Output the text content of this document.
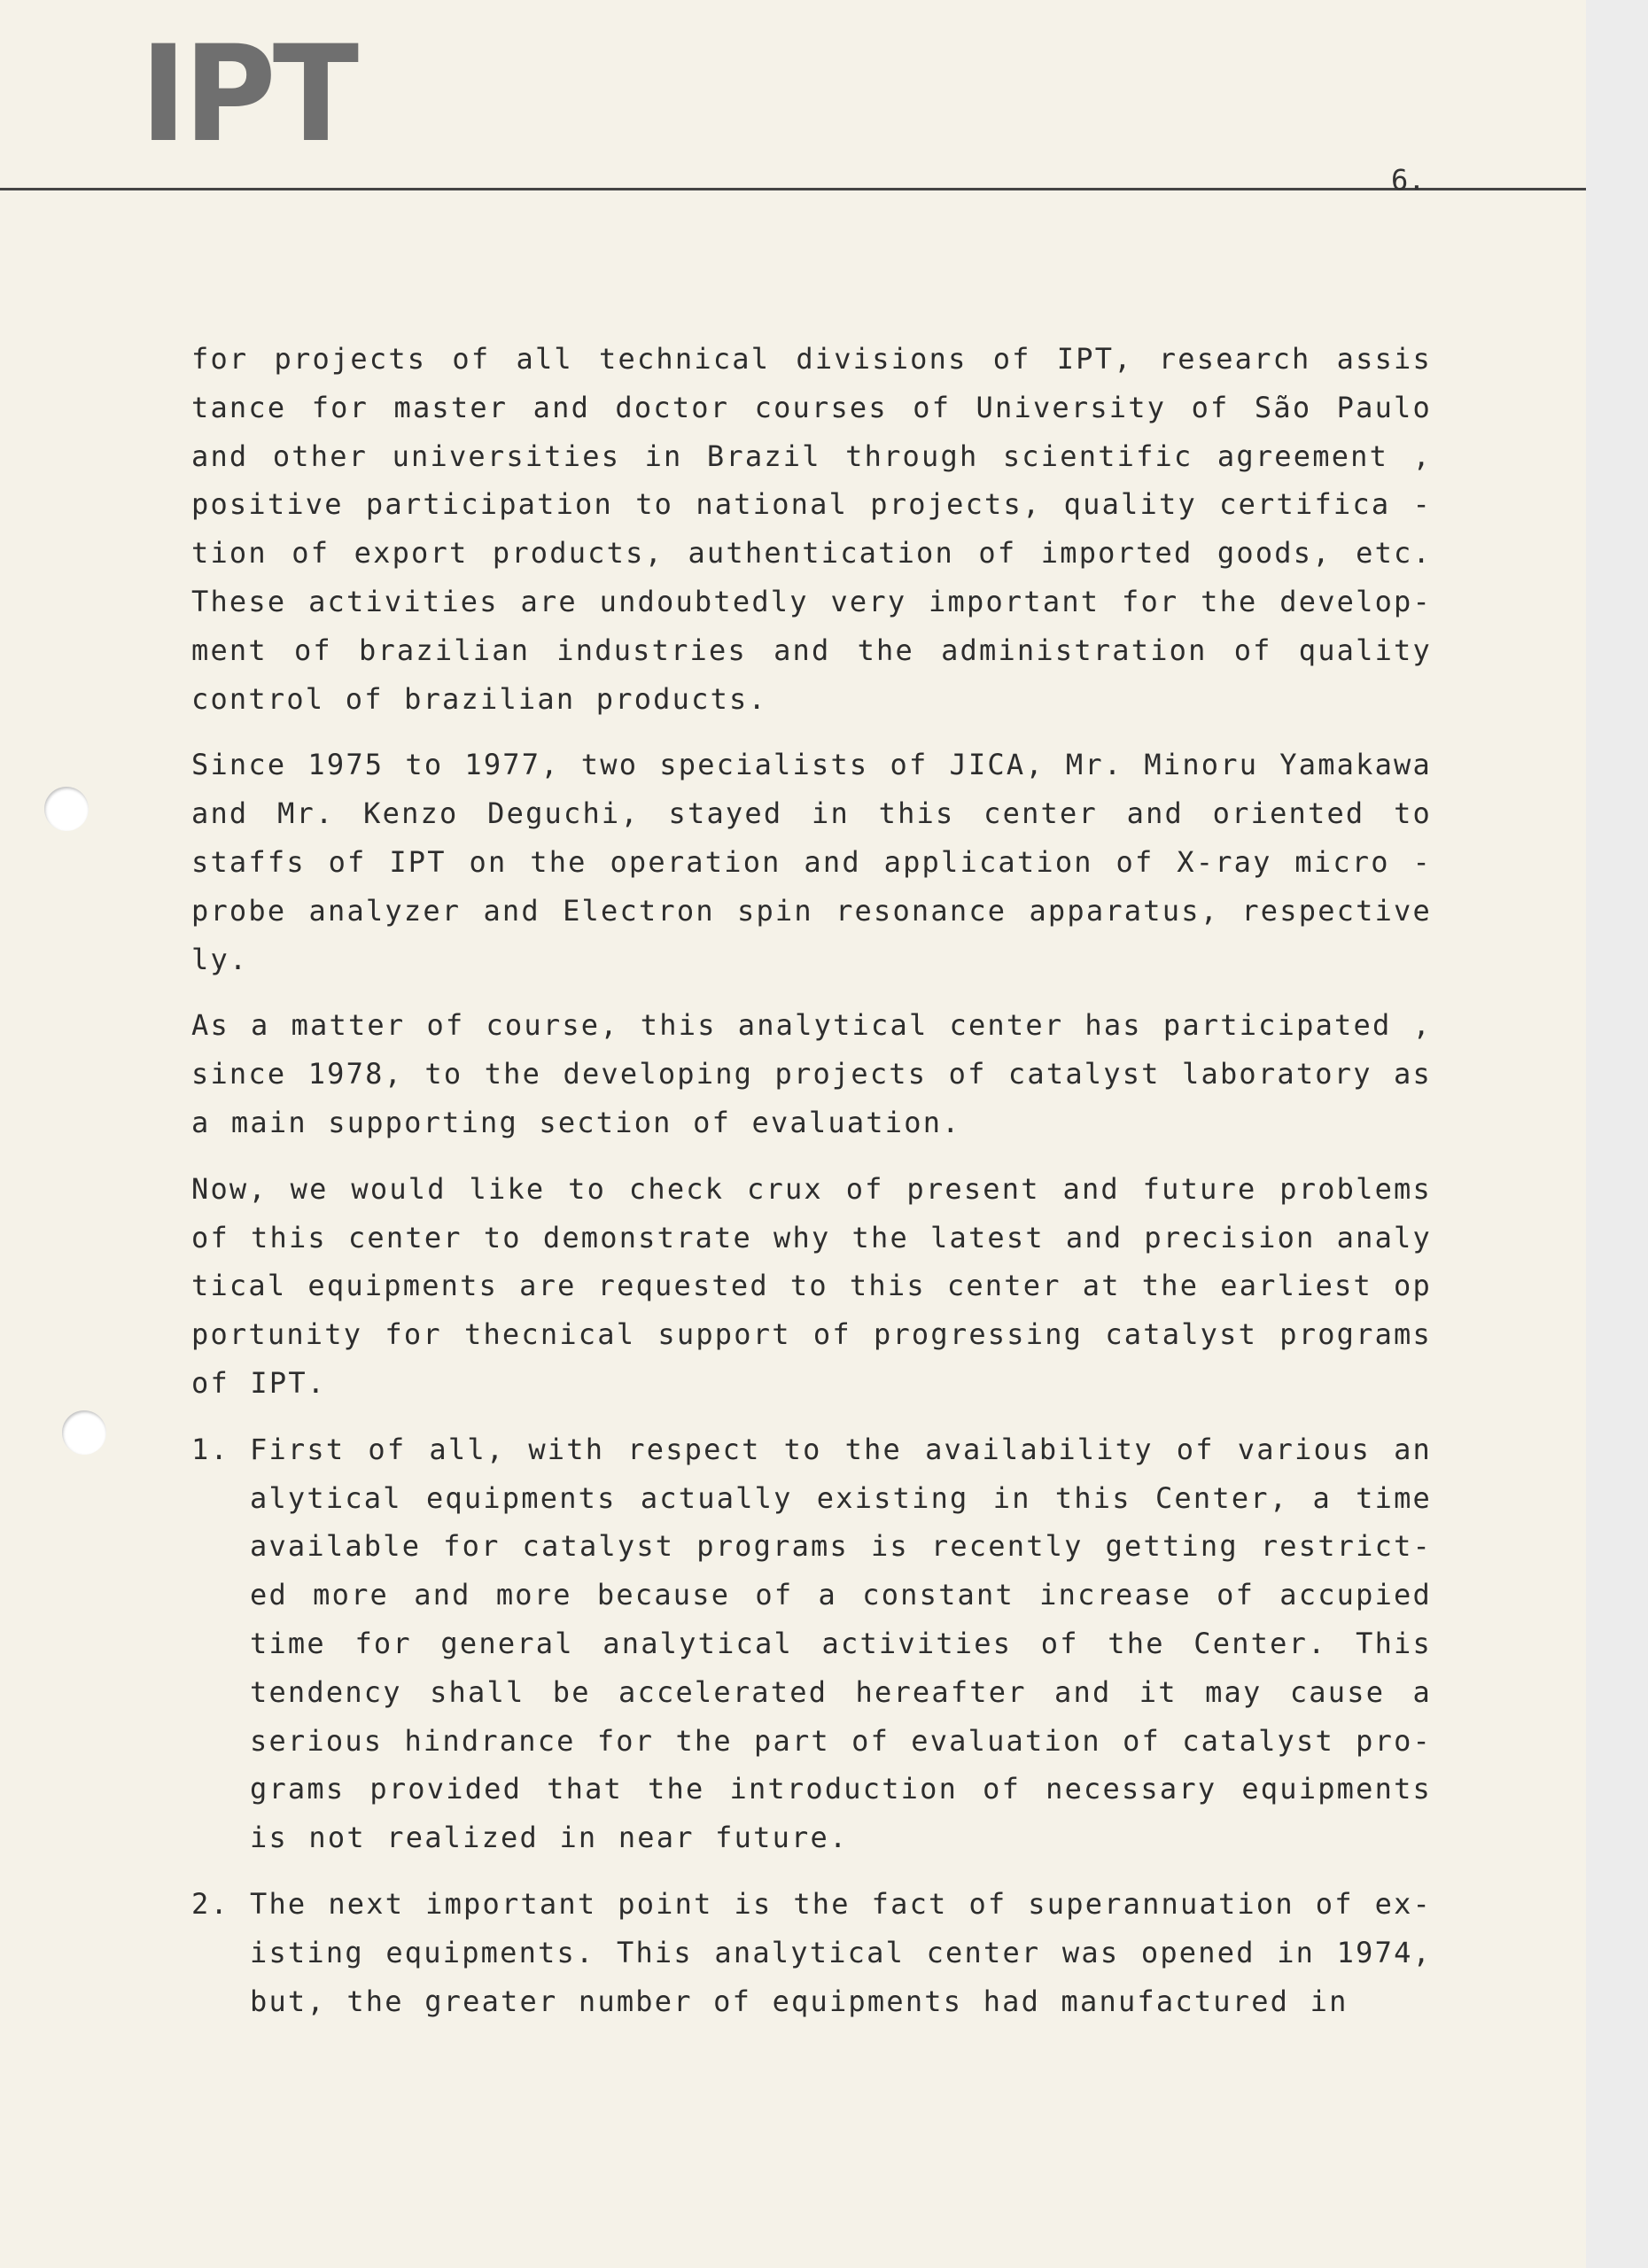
IPT
6.

for projects of all technical divisions of IPT, research assis tance for master and doctor courses of University of São Paulo and other universities in Brazil through scientific agreement , positive participation to national projects, quality certifica - tion of export products, authentication of imported goods, etc. These activities are undoubtedly very important for the develop- ment of brazilian industries and the administration of quality control of brazilian products.

Since 1975 to 1977, two specialists of JICA, Mr. Minoru Yamakawa and Mr. Kenzo Deguchi, stayed in this center and oriented to staffs of IPT on the operation and application of X-ray micro - probe analyzer and Electron spin resonance apparatus, respective ly.

As a matter of course, this analytical center has participated , since 1978, to the developing projects of catalyst laboratory as a main supporting section of evaluation.

Now, we would like to check crux of present and future problems of this center to demonstrate why the latest and precision analy tical equipments are requested to this center at the earliest op portunity for thecnical support of progressing catalyst programs of IPT.

1. First of all, with respect to the availability of various an alytical equipments actually existing in this Center, a time available for catalyst programs is recently getting restrict- ed more and more because of a constant increase of accupied time for general analytical activities of the Center. This tendency shall be accelerated hereafter and it may cause a serious hindrance for the part of evaluation of catalyst pro- grams provided that the introduction of necessary equipments is not realized in near future.
2. The next important point is the fact of superannuation of ex- isting equipments. This analytical center was opened in 1974, but, the greater number of equipments had manufactured in
